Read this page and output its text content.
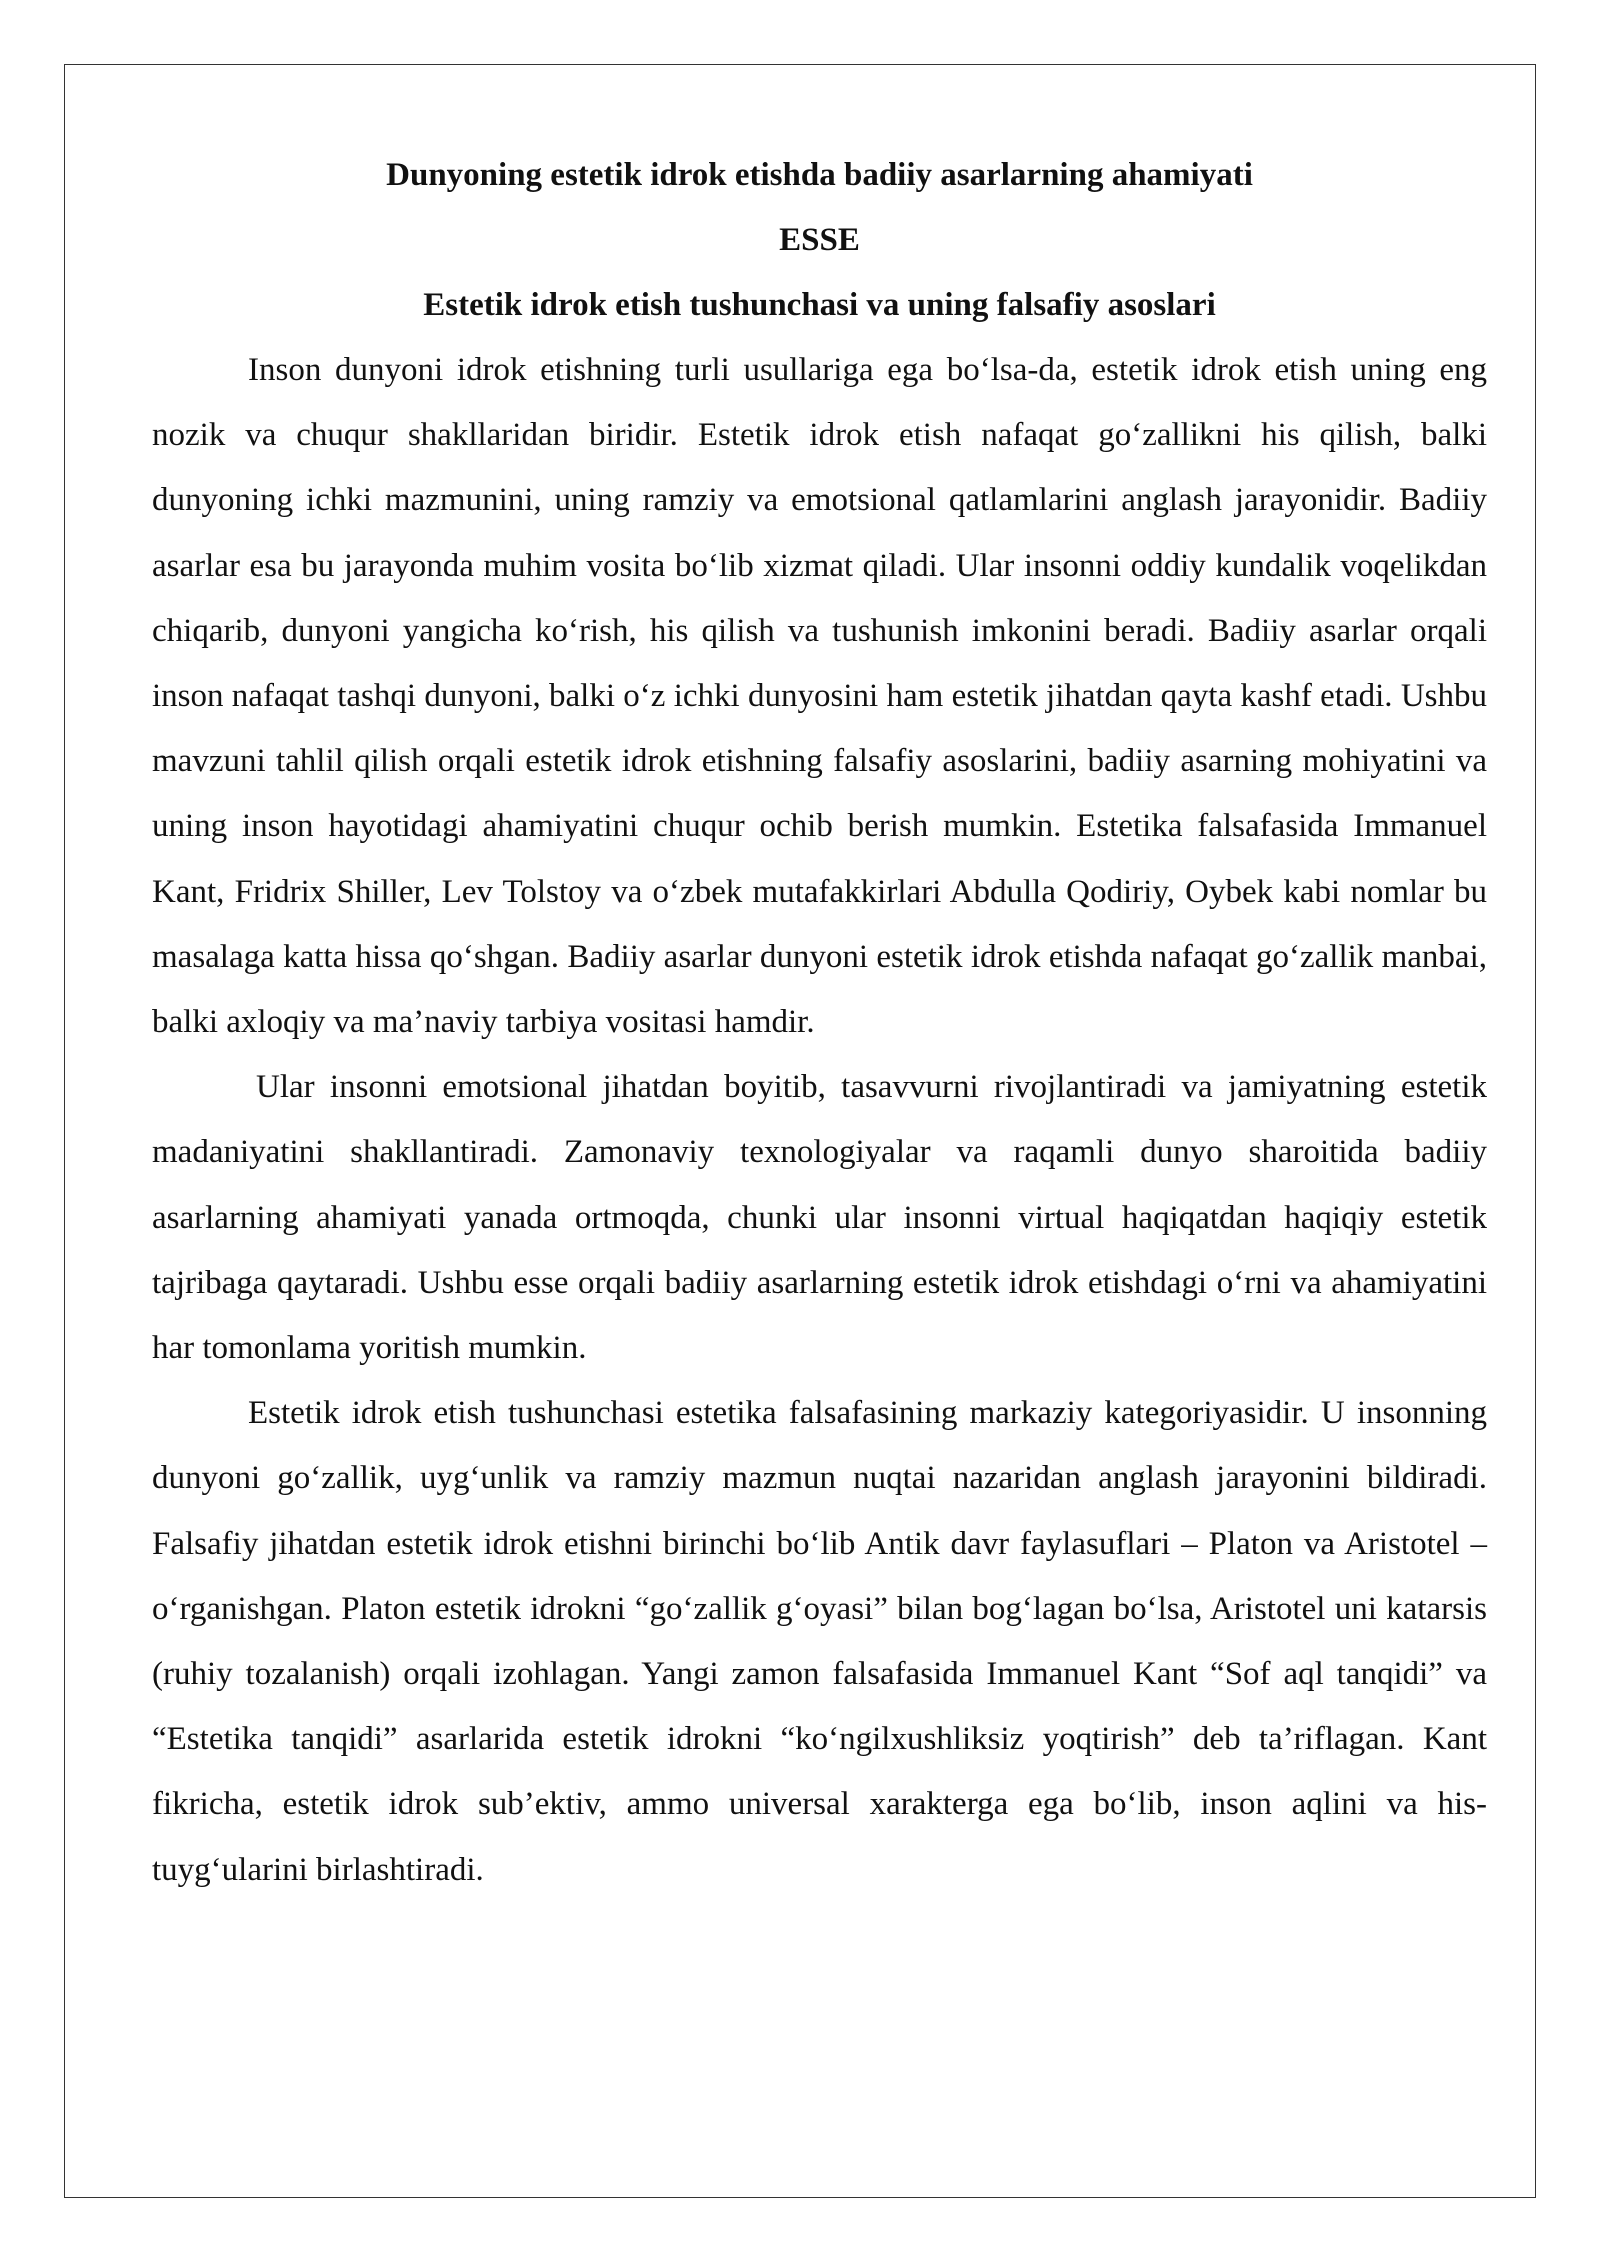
Dunyoning estetik idrok etishda badiiy asarlarning ahamiyati
ESSE
Estetik idrok etish tushunchasi va uning falsafiy asoslari

Inson dunyoni idrok etishning turli usullariga ega bo‘lsa-da, estetik idrok etish uning eng nozik va chuqur shakllaridan biridir. Estetik idrok etish nafaqat go‘zallikni his qilish, balki dunyoning ichki mazmunini, uning ramziy va emotsional qatlamlarini anglash jarayonidir. Badiiy asarlar esa bu jarayonda muhim vosita bo‘lib xizmat qiladi. Ular insonni oddiy kundalik voqelikdan chiqarib, dunyoni yangicha ko‘rish, his qilish va tushunish imkonini beradi. Badiiy asarlar orqali inson nafaqat tashqi dunyoni, balki o‘z ichki dunyosini ham estetik jihatdan qayta kashf etadi. Ushbu mavzuni tahlil qilish orqali estetik idrok etishning falsafiy asoslarini, badiiy asarning mohiyatini va uning inson hayotidagi ahamiyatini chuqur ochib berish mumkin. Estetika falsafasida Immanuel Kant, Fridrix Shiller, Lev Tolstoy va o‘zbek mutafakkirlari Abdulla Qodiriy, Oybek kabi nomlar bu masalaga katta hissa qo‘shgan. Badiiy asarlar dunyoni estetik idrok etishda nafaqat go‘zallik manbai, balki axloqiy va ma’naviy tarbiya vositasi hamdir.

Ular insonni emotsional jihatdan boyitib, tasavvurni rivojlantiradi va jamiyatning estetik madaniyatini shakllantiradi. Zamonaviy texnologiyalar va raqamli dunyo sharoitida badiiy asarlarning ahamiyati yanada ortmoqda, chunki ular insonni virtual haqiqatdan haqiqiy estetik tajribaga qaytaradi. Ushbu esse orqali badiiy asarlarning estetik idrok etishdagi o‘rni va ahamiyatini har tomonlama yoritish mumkin.

Estetik idrok etish tushunchasi estetika falsafasining markaziy kategoriyasidir. U insonning dunyoni go‘zallik, uyg‘unlik va ramziy mazmun nuqtai nazaridan anglash jarayonini bildiradi. Falsafiy jihatdan estetik idrok etishni birinchi bo‘lib Antik davr faylasuflari – Platon va Aristotel – o‘rganishgan. Platon estetik idrokni “go‘zallik g‘oyasi” bilan bog‘lagan bo‘lsa, Aristotel uni katarsis (ruhiy tozalanish) orqali izohlagan. Yangi zamon falsafasida Immanuel Kant “Sof aql tanqidi” va “Estetika tanqidi” asarlarida estetik idrokni “ko‘ngilxushliksiz yoqtirish” deb ta’riflagan. Kant fikricha, estetik idrok sub’ektiv, ammo universal xarakterga ega bo‘lib, inson aqlini va his-tuyg‘ularini birlashtiradi.
